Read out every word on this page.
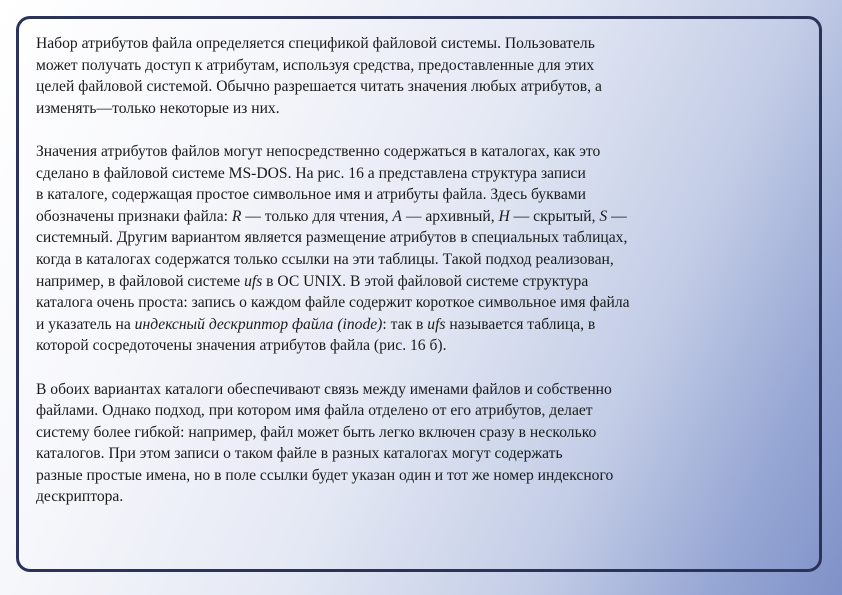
Набор атрибутов файла определяется спецификой файловой системы. Пользователь
может получать доступ к атрибутам, используя средства, предоставленные для этих
целей файловой системой. Обычно разрешается читать значения любых атрибутов, а
изменять—только некоторые из них.
Значения атрибутов файлов могут непосредственно содержаться в каталогах, как это
сделано в файловой системе MS-DOS. На рис. 16 а представлена структура записи
в каталоге, содержащая простое символьное имя и атрибуты файла. Здесь буквами
обозначены признаки файла: R — только для чтения, A — архивный, H — скрытый, S —
системный. Другим вариантом является размещение атрибутов в специальных таблицах,
когда в каталогах содержатся только ссылки на эти таблицы. Такой подход реализован,
например, в файловой системе ufs в ОС UNIX. В этой файловой системе структура
каталога очень проста: запись о каждом файле содержит короткое символьное имя файла
и указатель на индексный дескриптор файла (inode): так в ufs называется таблица, в
которой сосредоточены значения атрибутов файла (рис. 16 б).
В обоих вариантах каталоги обеспечивают связь между именами файлов и собственно
файлами. Однако подход, при котором имя файла отделено от его атрибутов, делает
систему более гибкой: например, файл может быть легко включен сразу в несколько
каталогов. При этом записи о таком файле в разных каталогах могут содержать
разные простые имена, но в поле ссылки будет указан один и тот же номер индексного
дескриптора.
